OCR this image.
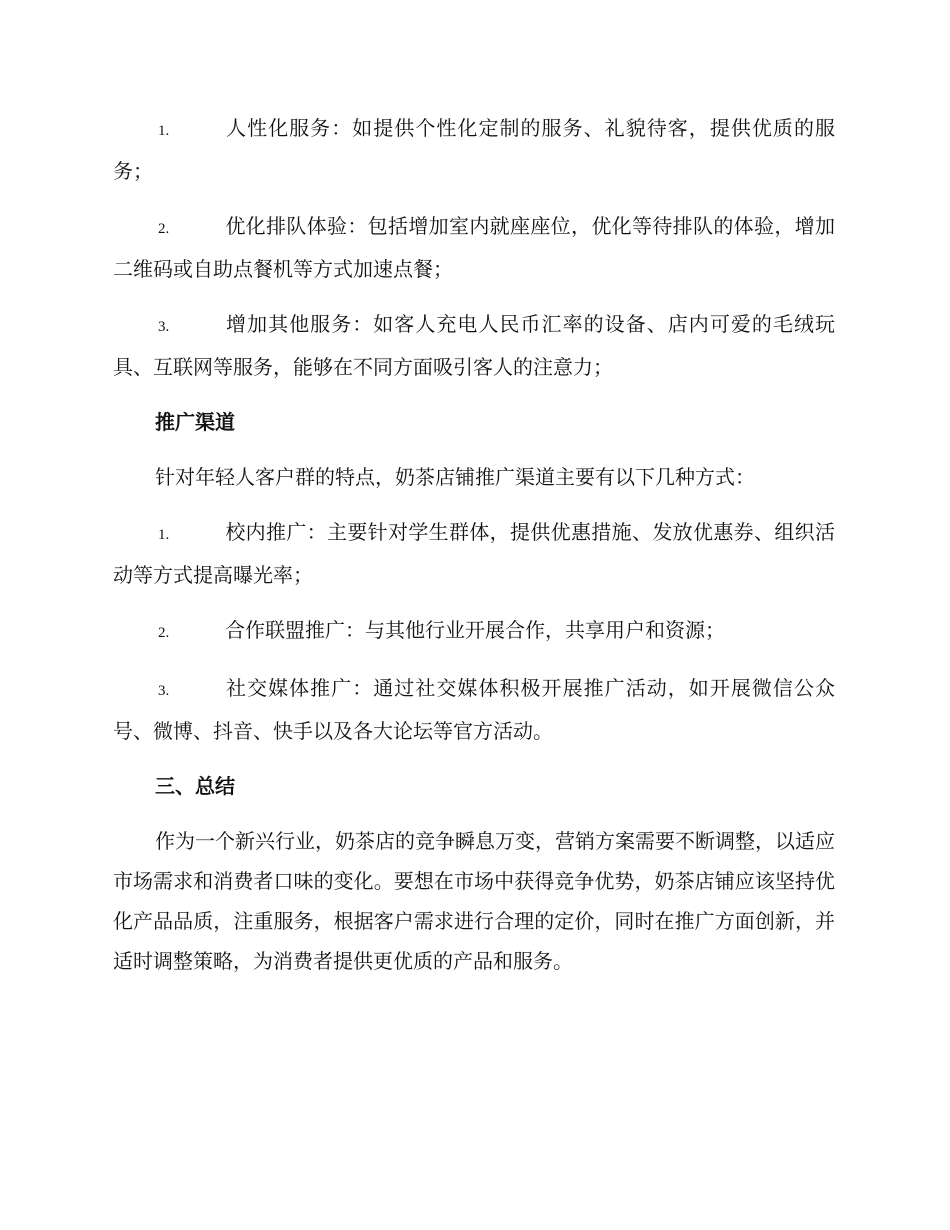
1.	人性化服务：如提供个性化定制的服务、礼貌待客，提供优质的服务；

2.	优化排队体验：包括增加室内就座座位，优化等待排队的体验，增加二维码或自助点餐机等方式加速点餐；

3.	增加其他服务：如客人充电人民币汇率的设备、店内可爱的毛绒玩具、互联网等服务，能够在不同方面吸引客人的注意力；

推广渠道

针对年轻人客户群的特点，奶茶店铺推广渠道主要有以下几种方式：

1.	校内推广：主要针对学生群体，提供优惠措施、发放优惠券、组织活动等方式提高曝光率；

2.	合作联盟推广：与其他行业开展合作，共享用户和资源；

3.	社交媒体推广：通过社交媒体积极开展推广活动，如开展微信公众号、微博、抖音、快手以及各大论坛等官方活动。

三、总结

作为一个新兴行业，奶茶店的竞争瞬息万变，营销方案需要不断调整，以适应市场需求和消费者口味的变化。要想在市场中获得竞争优势，奶茶店铺应该坚持优化产品品质，注重服务，根据客户需求进行合理的定价，同时在推广方面创新，并适时调整策略，为消费者提供更优质的产品和服务。
